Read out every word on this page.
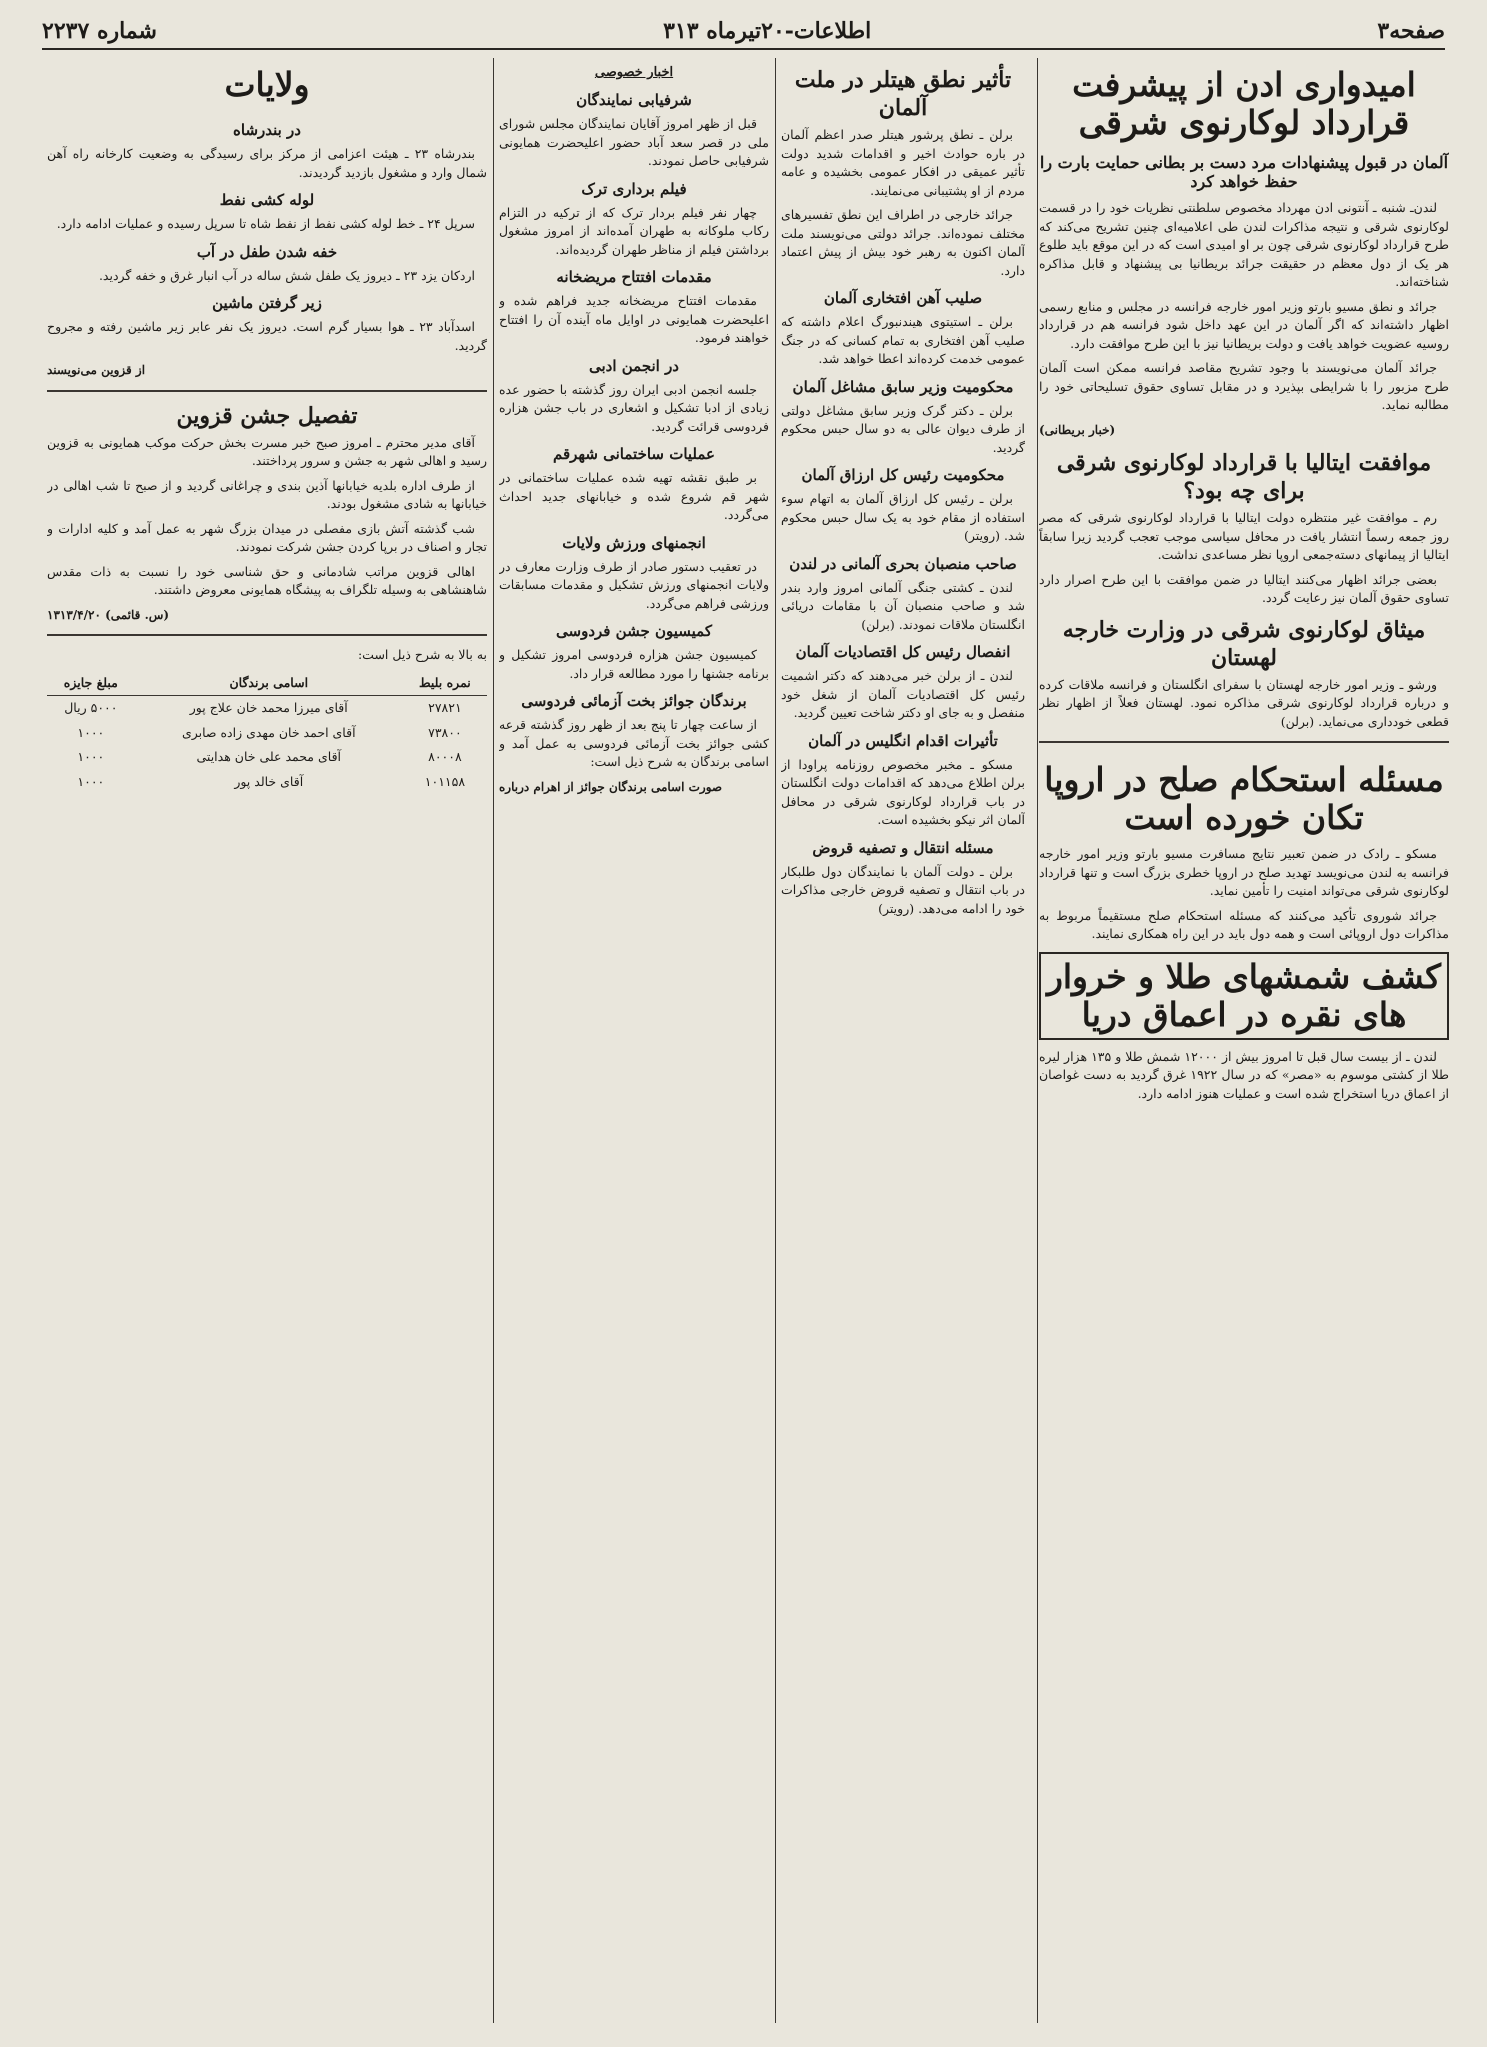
صفحه۳
اطلاعات-۲۰تیرماه ۳۱۳
شماره ۲۲۳۷
امیدواری ادن از پیشرفت قرارداد لوکارنوی شرقی
آلمان در قبول پیشنهادات مرد دست بر بطانی حمایت بارت را حفظ خواهد کرد

لندن‌ـ شنبه ـ آنتونی ادن مهرداد مخصوص سلطنتی نظریات خود را در قسمت لوکارنوی شرقی و نتیجه مذاکرات لندن طی اعلامیه‌ای چنین تشریح می‌کند که طرح قرارداد لوکارنوی شرقی چون بر او امیدی است که در این موقع باید طلوع هر یک از دول معظم در حقیقت جرائد بریطانیا بی پیشنهاد و قابل مذاکره شناخته‌اند.

جرائد و نطق مسیو بارتو وزیر امور خارجه فرانسه در مجلس و منابع رسمی اظهار داشته‌اند که اگر آلمان در این عهد داخل شود فرانسه هم در قرارداد روسیه عضویت خواهد یافت و دولت بریطانیا نیز با این طرح موافقت دارد.

جرائد آلمان می‌نویسند با وجود تشریح مقاصد فرانسه ممکن است آلمان طرح مزبور را با شرایطی بپذیرد و در مقابل تساوی حقوق تسلیحاتی خود را مطالبه نماید.

(خبار بریطانی)
موافقت ایتالیا با قرارداد لوکارنوی شرقی برای چه بود؟

رم ـ موافقت غیر منتظره دولت ایتالیا با قرارداد لوکارنوی شرقی که مصر روز جمعه رسماً انتشار یافت در محافل سیاسی موجب تعجب گردید زیرا سابقاً ایتالیا از پیمانهای دسته‌جمعی اروپا نظر مساعدی نداشت.

بعضی جرائد اظهار می‌کنند ایتالیا در ضمن موافقت با این طرح اصرار دارد تساوی حقوق آلمان نیز رعایت گردد.

میثاق لوکارنوی شرقی در وزارت خارجه لهستان

ورشو ـ وزیر امور خارجه لهستان با سفرای انگلستان و فرانسه ملاقات کرده و درباره قرارداد لوکارنوی شرقی مذاکره نمود. لهستان فعلاً از اظهار نظر قطعی خودداری می‌نماید. (برلن)

مسئله استحکام صلح در اروپا تکان خورده است

مسکو ـ رادک در ضمن تعبیر نتایج مسافرت مسیو بارتو وزیر امور خارجه فرانسه به لندن می‌نویسد تهدید صلح در اروپا خطری بزرگ است و تنها قرارداد لوکارنوی شرقی می‌تواند امنیت را تأمین نماید.

جرائد شوروی تأکید می‌کنند که مسئله استحکام صلح مستقیماً مربوط به مذاکرات دول اروپائی است و همه دول باید در این راه همکاری نمایند.

کشف شمشهای طلا و خروار های نقره در اعماق دریا

لندن ـ از بیست سال قبل تا امروز بیش از ۱۲۰۰۰ شمش طلا و ۱۳۵ هزار لیره طلا از کشتی موسوم به «مصر» که در سال ۱۹۲۲ غرق گردید به دست غواصان از اعماق دریا استخراج شده است و عملیات هنوز ادامه دارد.

تأثیر نطق هیتلر در ملت آلمان

برلن ـ نطق پرشور هیتلر صدر اعظم آلمان در باره حوادث اخیر و اقدامات شدید دولت تأثیر عمیقی در افکار عمومی بخشیده و عامه مردم از او پشتیبانی می‌نمایند.

جرائد خارجی در اطراف این نطق تفسیرهای مختلف نموده‌اند. جرائد دولتی می‌نویسند ملت آلمان اکنون به رهبر خود بیش از پیش اعتماد دارد.

صلیب آهن افتخاری آلمان

برلن ـ استیتوی هیندنبورگ اعلام داشته که صلیب آهن افتخاری به تمام کسانی که در جنگ عمومی خدمت کرده‌اند اعطا خواهد شد.

محکومیت وزیر سابق مشاغل آلمان

برلن ـ دکتر گرک وزیر سابق مشاغل دولتی از طرف دیوان عالی به دو سال حبس محکوم گردید.

محکومیت رئیس کل ارزاق آلمان

برلن ـ رئیس کل ارزاق آلمان به اتهام سوء استفاده از مقام خود به یک سال حبس محکوم شد. (رویتر)

صاحب منصبان بحری آلمانی در لندن

لندن ـ کشتی جنگی آلمانی امروز وارد بندر شد و صاحب منصبان آن با مقامات دریائی انگلستان ملاقات نمودند. (برلن)

انفصال رئیس کل اقتصادیات آلمان

لندن ـ از برلن خبر می‌دهند که دکتر اشمیت رئیس کل اقتصادیات آلمان از شغل خود منفصل و به جای او دکتر شاخت تعیین گردید.

تأثیرات اقدام انگلیس در آلمان

مسکو ـ مخبر مخصوص روزنامه پراودا از برلن اطلاع می‌دهد که اقدامات دولت انگلستان در باب قرارداد لوکارنوی شرقی در محافل آلمان اثر نیکو بخشیده است.

مسئله انتقال و تصفیه قروض

برلن ـ دولت آلمان با نمایندگان دول طلبکار در باب انتقال و تصفیه قروض خارجی مذاکرات خود را ادامه می‌دهد. (رویتر)

اخبار خصوصی
شرفیابی نمایندگان

قبل از ظهر امروز آقایان نمایندگان مجلس شورای ملی در قصر سعد آباد حضور اعلیحضرت همایونی شرفیابی حاصل نمودند.

فیلم برداری ترک

چهار نفر فیلم بردار ترک که از ترکیه در التزام رکاب ملوکانه به طهران آمده‌اند از امروز مشغول برداشتن فیلم از مناظر طهران گردیده‌اند.

مقدمات افتتاح مریضخانه

مقدمات افتتاح مریضخانه جدید فراهم شده و اعلیحضرت همایونی در اوایل ماه آینده آن را افتتاح خواهند فرمود.

در انجمن ادبی

جلسه انجمن ادبی ایران روز گذشته با حضور عده زیادی از ادبا تشکیل و اشعاری در باب جشن هزاره فردوسی قرائت گردید.

عملیات ساختمانی شهرقم

بر طبق نقشه تهیه شده عملیات ساختمانی در شهر قم شروع شده و خیابانهای جدید احداث می‌گردد.

انجمنهای ورزش ولایات

در تعقیب دستور صادر از طرف وزارت معارف در ولایات انجمنهای ورزش تشکیل و مقدمات مسابقات ورزشی فراهم می‌گردد.

کمیسیون جشن فردوسی

کمیسیون جشن هزاره فردوسی امروز تشکیل و برنامه جشنها را مورد مطالعه قرار داد.

برندگان جوائز بخت آزمائی فردوسی

از ساعت چهار تا پنج بعد از ظهر روز گذشته قرعه کشی جوائز بخت آزمائی فردوسی به عمل آمد و اسامی برندگان به شرح ذیل است:

صورت اسامی برندگان جوائز از اهرام درباره
ولایات
در بندرشاه

بندرشاه ۲۳ ـ هیئت اعزامی از مرکز برای رسیدگی به وضعیت کارخانه راه آهن شمال وارد و مشغول بازدید گردیدند.

لوله کشی نفط

سرپل ۲۴ ـ خط لوله کشی نفط از نفط شاه تا سرپل رسیده و عملیات ادامه دارد.

خفه شدن طفل در آب

اردکان یزد ۲۳ ـ دیروز یک طفل شش ساله در آب انبار غرق و خفه گردید.

زیر گرفتن ماشین

اسدآباد ۲۳ ـ هوا بسیار گرم است. دیروز یک نفر عابر زیر ماشین رفته و مجروح گردید.

از قزوین می‌نویسند
تفصیل جشن قزوین

آقای مدیر محترم ـ امروز صبح خبر مسرت بخش حرکت موکب همایونی به قزوین رسید و اهالی شهر به جشن و سرور پرداختند.

از طرف اداره بلدیه خیابانها آذین بندی و چراغانی گردید و از صبح تا شب اهالی در خیابانها به شادی مشغول بودند.

شب گذشته آتش بازی مفصلی در میدان بزرگ شهر به عمل آمد و کلیه ادارات و تجار و اصناف در برپا کردن جشن شرکت نمودند.

اهالی قزوین مراتب شادمانی و حق شناسی خود را نسبت به ذات مقدس شاهنشاهی به وسیله تلگراف به پیشگاه همایونی معروض داشتند.

(س. قائمی) ۱۳۱۳/۴/۲۰
به بالا به شرح ذیل است:
نمره بلیط	اسامی برندگان	مبلغ جایزه
۲۷۸۲۱	آقای میرزا محمد خان علاج پور	۵۰۰۰ ریال
۷۳۸۰۰	آقای احمد خان مهدی زاده صابری	۱۰۰۰
۸۰۰۰۸	آقای محمد علی خان هدایتی	۱۰۰۰
۱۰۱۱۵۸	آقای خالد پور	۱۰۰۰
